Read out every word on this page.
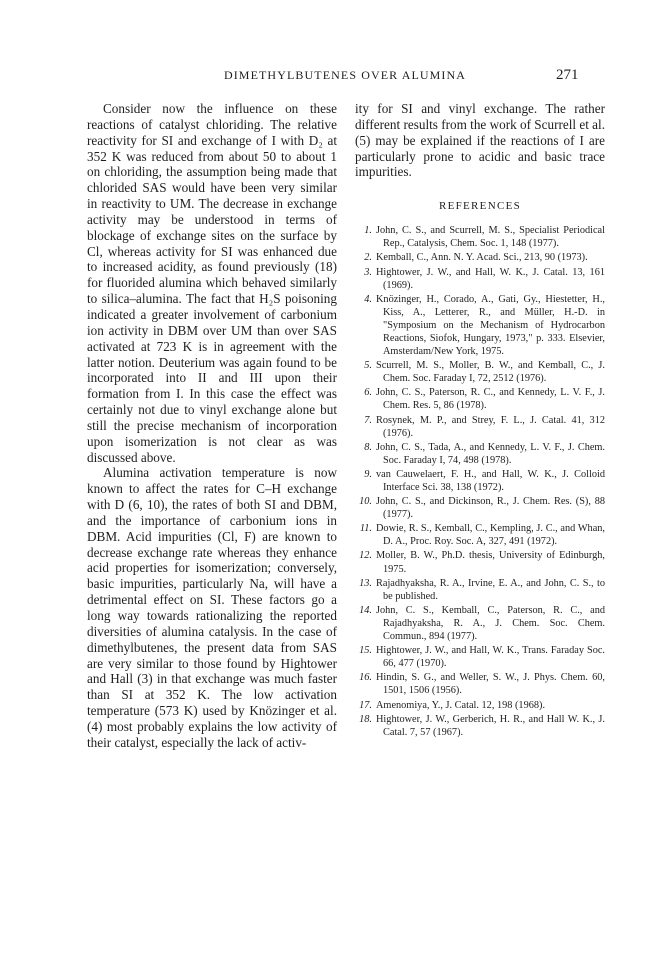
DIMETHYLBUTENES OVER ALUMINA	271

Consider now the influence on these reactions of catalyst chloriding. The relative reactivity for SI and exchange of I with D₂ at 352 K was reduced from about 50 to about 1 on chloriding, the assumption being made that chlorided SAS would have been very similar in reactivity to UM. The decrease in exchange activity may be understood in terms of blockage of exchange sites on the surface by Cl, whereas activity for SI was enhanced due to increased acidity, as found previously (18) for fluorided alumina which behaved similarly to silica–alumina. The fact that H₂S poisoning indicated a greater involvement of carbonium ion activity in DBM over UM than over SAS activated at 723 K is in agreement with the latter notion. Deuterium was again found to be incorporated into II and III upon their formation from I. In this case the effect was certainly not due to vinyl exchange alone but still the precise mechanism of incorporation upon isomerization is not clear as was discussed above.

Alumina activation temperature is now known to affect the rates for C–H exchange with D (6, 10), the rates of both SI and DBM, and the importance of carbonium ions in DBM. Acid impurities (Cl, F) are known to decrease exchange rate whereas they enhance acid properties for isomerization; conversely, basic impurities, particularly Na, will have a detrimental effect on SI. These factors go a long way towards rationalizing the reported diversities of alumina catalysis. In the case of dimethylbutenes, the present data from SAS are very similar to those found by Hightower and Hall (3) in that exchange was much faster than SI at 352 K. The low activation temperature (573 K) used by Knözinger et al. (4) most probably explains the low activity of their catalyst, especially the lack of activ-

ity for SI and vinyl exchange. The rather different results from the work of Scurrell et al. (5) may be explained if the reactions of I are particularly prone to acidic and basic trace impurities.

REFERENCES
1. John, C. S., and Scurrell, M. S., Specialist Periodical Rep., Catalysis, Chem. Soc. 1, 148 (1977).
2. Kemball, C., Ann. N. Y. Acad. Sci., 213, 90 (1973).
3. Hightower, J. W., and Hall, W. K., J. Catal. 13, 161 (1969).
4. Knözinger, H., Corado, A., Gati, Gy., Hiestetter, H., Kiss, A., Letterer, R., and Müller, H.-D. in "Symposium on the Mechanism of Hydrocarbon Reactions, Siofok, Hungary, 1973," p. 333. Elsevier, Amsterdam/New York, 1975.
5. Scurrell, M. S., Moller, B. W., and Kemball, C., J. Chem. Soc. Faraday I, 72, 2512 (1976).
6. John, C. S., Paterson, R. C., and Kennedy, L. V. F., J. Chem. Res. 5, 86 (1978).
7. Rosynek, M. P., and Strey, F. L., J. Catal. 41, 312 (1976).
8. John, C. S., Tada, A., and Kennedy, L. V. F., J. Chem. Soc. Faraday I, 74, 498 (1978).
9. van Cauwelaert, F. H., and Hall, W. K., J. Colloid Interface Sci. 38, 138 (1972).
10. John, C. S., and Dickinson, R., J. Chem. Res. (S), 88 (1977).
11. Dowie, R. S., Kemball, C., Kempling, J. C., and Whan, D. A., Proc. Roy. Soc. A, 327, 491 (1972).
12. Moller, B. W., Ph.D. thesis, University of Edinburgh, 1975.
13. Rajadhyaksha, R. A., Irvine, E. A., and John, C. S., to be published.
14. John, C. S., Kemball, C., Paterson, R. C., and Rajadhyaksha, R. A., J. Chem. Soc. Chem. Commun., 894 (1977).
15. Hightower, J. W., and Hall, W. K., Trans. Faraday Soc. 66, 477 (1970).
16. Hindin, S. G., and Weller, S. W., J. Phys. Chem. 60, 1501, 1506 (1956).
17. Amenomiya, Y., J. Catal. 12, 198 (1968).
18. Hightower, J. W., Gerberich, H. R., and Hall W. K., J. Catal. 7, 57 (1967).
